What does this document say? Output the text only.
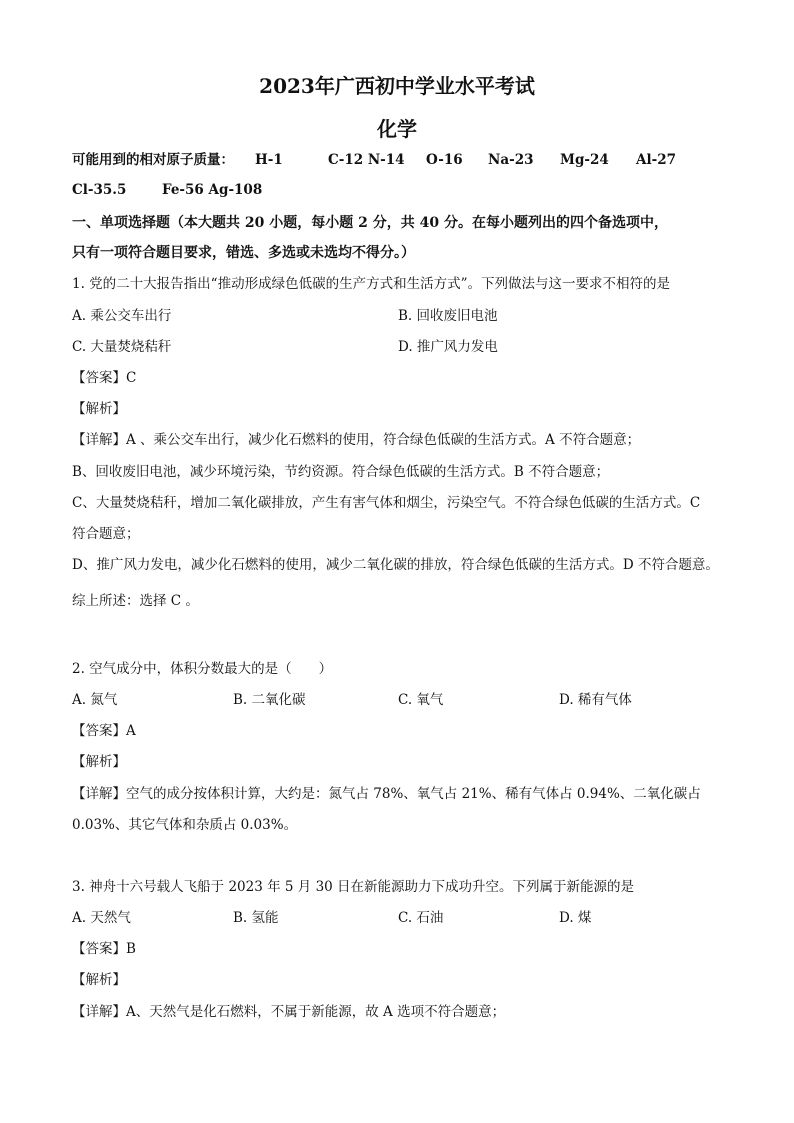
2023年广西初中学业水平考试
化学
可能用到的相对原子质量： H-1	C-12 N-14 O-16 Na-23 Mg-24 Al-27
Cl-35.5	Fe-56 Ag-108
一、单项选择题（本大题共 20 小题，每小题 2 分，共 40 分。在每小题列出的四个备选项中，
只有一项符合题目要求，错选、多选或未选均不得分。）
1. 党的二十大报告指出“推动形成绿色低碳的生产方式和生活方式”。下列做法与这一要求不相符的是
A. 乘公交车出行	B. 回收废旧电池
C. 大量焚烧秸秆	D. 推广风力发电
【答案】C
【解析】
【详解】A 、乘公交车出行，减少化石燃料的使用，符合绿色低碳的生活方式。A 不符合题意；
B、回收废旧电池，减少环境污染，节约资源。符合绿色低碳的生活方式。B 不符合题意；
C、大量焚烧秸秆，增加二氧化碳排放，产生有害气体和烟尘，污染空气。不符合绿色低碳的生活方式。C
符合题意；
D、推广风力发电，减少化石燃料的使用，减少二氧化碳的排放，符合绿色低碳的生活方式。D 不符合题意。
综上所述：选择 C 。
2. 空气成分中，体积分数最大的是（　　）
A. 氮气	B. 二氧化碳	C. 氧气	D. 稀有气体
【答案】A
【解析】
【详解】空气的成分按体积计算，大约是：氮气占 78%、氧气占 21%、稀有气体占 0.94%、二氧化碳占
0.03%、其它气体和杂质占 0.03%。
3. 神舟十六号载人飞船于 2023 年 5 月 30 日在新能源助力下成功升空。下列属于新能源的是
A. 天然气	B. 氢能	C. 石油	D. 煤
【答案】B
【解析】
【详解】A、天然气是化石燃料，不属于新能源，故 A 选项不符合题意；
